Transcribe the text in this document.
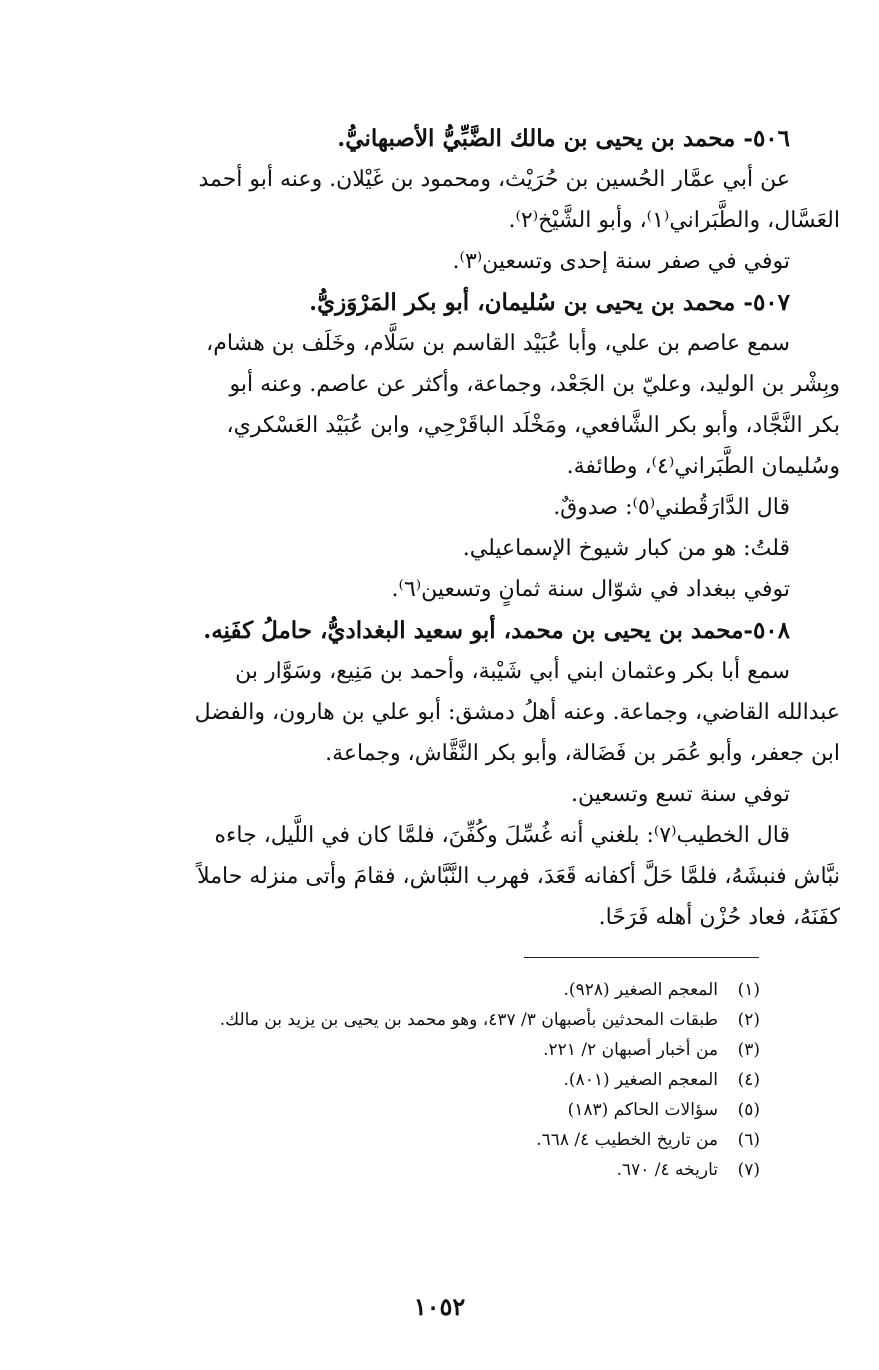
٥٠٦- محمد بن يحيى بن مالك الضَّبِّيُّ الأصبهانيُّ.
عن أبي عمَّار الحُسين بن حُرَيْث، ومحمود بن غَيْلان. وعنه أبو أحمد
العَسَّال، والطَّبَراني⁽١⁾، وأبو الشَّيْخ⁽٢⁾.
توفي في صفر سنة إحدى وتسعين⁽٣⁾.
٥٠٧- محمد بن يحيى بن سُليمان، أبو بكر المَرْوَزيُّ.
سمع عاصم بن علي، وأبا عُبَيْد القاسم بن سَلَّام، وخَلَف بن هشام،
وبِشْر بن الوليد، وعليّ بن الجَعْد، وجماعة، وأكثر عن عاصم. وعنه أبو
بكر النَّجَّاد، وأبو بكر الشَّافعي، ومَخْلَد الباقَرْحِي، وابن عُبَيْد العَسْكري،
وسُليمان الطَّبَراني⁽٤⁾، وطائفة.
قال الدَّارَقُطني⁽٥⁾: صدوقٌ.
قلتُ: هو من كبار شيوخ الإسماعيلي.
توفي ببغداد في شوّال سنة ثمانٍ وتسعين⁽٦⁾.
٥٠٨-محمد بن يحيى بن محمد، أبو سعيد البغداديُّ، حاملُ كفَنِه.
سمع أبا بكر وعثمان ابني أبي شَيْبة، وأحمد بن مَنِيع، وسَوَّار بن
عبدالله القاضي، وجماعة. وعنه أهلُ دمشق: أبو علي بن هارون، والفضل
ابن جعفر، وأبو عُمَر بن فَضَالة، وأبو بكر النَّقَّاش، وجماعة.
توفي سنة تسع وتسعين.
قال الخطيب⁽٧⁾: بلغني أنه غُسِّلَ وكُفِّنَ، فلمَّا كان في اللَّيل، جاءه
نبَّاش فنبشَهُ، فلمَّا حَلَّ أكفانه قَعَدَ، فهرب النَّبَّاش، فقامَ وأتى منزله حاملاً
كفَنَهُ، فعاد حُزْن أهله فَرَحًا.
(١)المعجم الصغير (٩٢٨).
(٢)طبقات المحدثين بأصبهان ٣/ ٤٣٧، وهو محمد بن يحيى بن يزيد بن مالك.
(٣)من أخبار أصبهان ٢/ ٢٢١.
(٤)المعجم الصغير (٨٠١).
(٥)سؤالات الحاكم (١٨٣)
(٦)من تاريخ الخطيب ٤/ ٦٦٨.
(٧)تاريخه ٤/ ٦٧٠.
١٠٥٢
